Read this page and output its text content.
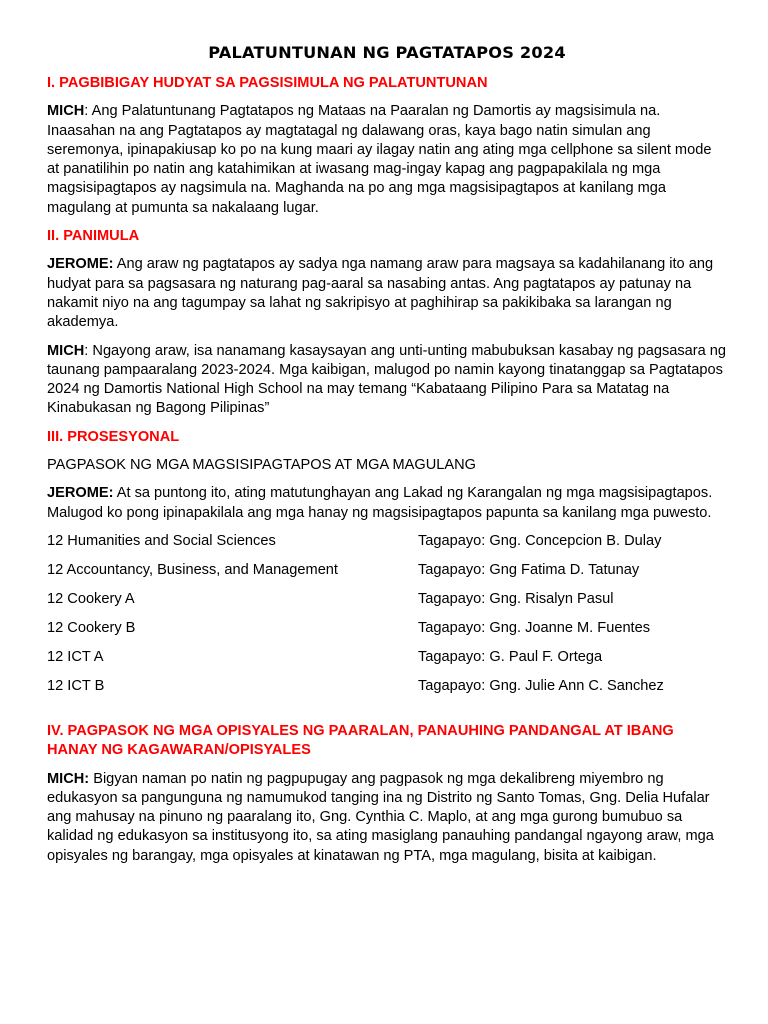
PALATUNTUNAN NG PAGTATAPOS 2024
I. PAGBIBIGAY HUDYAT SA PAGSISIMULA NG PALATUNTUNAN
MICH: Ang Palatuntunang Pagtatapos ng Mataas na Paaralan ng Damortis ay magsisimula na. Inaasahan na ang Pagtatapos ay magtatagal ng dalawang oras, kaya bago natin simulan ang seremonya, ipinapakiusap ko po na kung maari ay ilagay natin ang ating mga cellphone sa silent mode at panatilihin po natin ang katahimikan at iwasang mag-ingay kapag ang pagpapakilala ng mga magsisipagtapos ay nagsimula na. Maghanda na po ang mga magsisipagtapos at kanilang mga magulang at pumunta sa nakalaang lugar.
II. PANIMULA
JEROME: Ang araw ng pagtatapos ay sadya nga namang araw para magsaya sa kadahilanang ito ang hudyat para sa pagsasara ng naturang pag-aaral sa nasabing antas. Ang pagtatapos ay patunay na nakamit niyo na ang tagumpay sa lahat ng sakripisyo at paghihirap sa pakikibaka sa larangan ng akademya.
MICH: Ngayong araw, isa nanamang kasaysayan ang unti-unting mabubuksan kasabay ng pagsasara ng taunang pampaaralang 2023-2024. Mga kaibigan, malugod po namin kayong tinatanggap sa Pagtatapos 2024 ng Damortis National High School na may temang “Kabataang Pilipino Para sa Matatag na Kinabukasan ng Bagong Pilipinas”
III. PROSESYONAL
PAGPASOK NG MGA MAGSISIPAGTAPOS AT MGA MAGULANG
JEROME: At sa puntong ito, ating matutunghayan ang Lakad ng Karangalan ng mga magsisipagtapos. Malugod ko pong ipinapakilala ang mga hanay ng magsisipagtapos papunta sa kanilang mga puwesto.
12 Humanities and Social Sciences	Tagapayo: Gng. Concepcion B. Dulay
12 Accountancy, Business, and Management	Tagapayo: Gng Fatima D. Tatunay
12 Cookery A	Tagapayo: Gng. Risalyn Pasul
12 Cookery B	Tagapayo: Gng. Joanne M. Fuentes
12 ICT A	Tagapayo: G. Paul F. Ortega
12 ICT B	Tagapayo: Gng. Julie Ann C. Sanchez
IV. PAGPASOK NG MGA OPISYALES NG PAARALAN, PANAUHING PANDANGAL AT IBANG HANAY NG KAGAWARAN/OPISYALES
MICH: Bigyan naman po natin ng pagpupugay ang pagpasok ng mga dekalibreng miyembro ng edukasyon sa pangunguna ng namumukod tanging ina ng Distrito ng Santo Tomas, Gng. Delia Hufalar ang mahusay na pinuno ng paaralang ito, Gng. Cynthia C. Maplo, at ang mga gurong bumubuo sa kalidad ng edukasyon sa institusyong ito, sa ating masiglang panauhing pandangal ngayong araw, mga opisyales ng barangay, mga opisyales at kinatawan ng PTA, mga magulang, bisita at kaibigan.
